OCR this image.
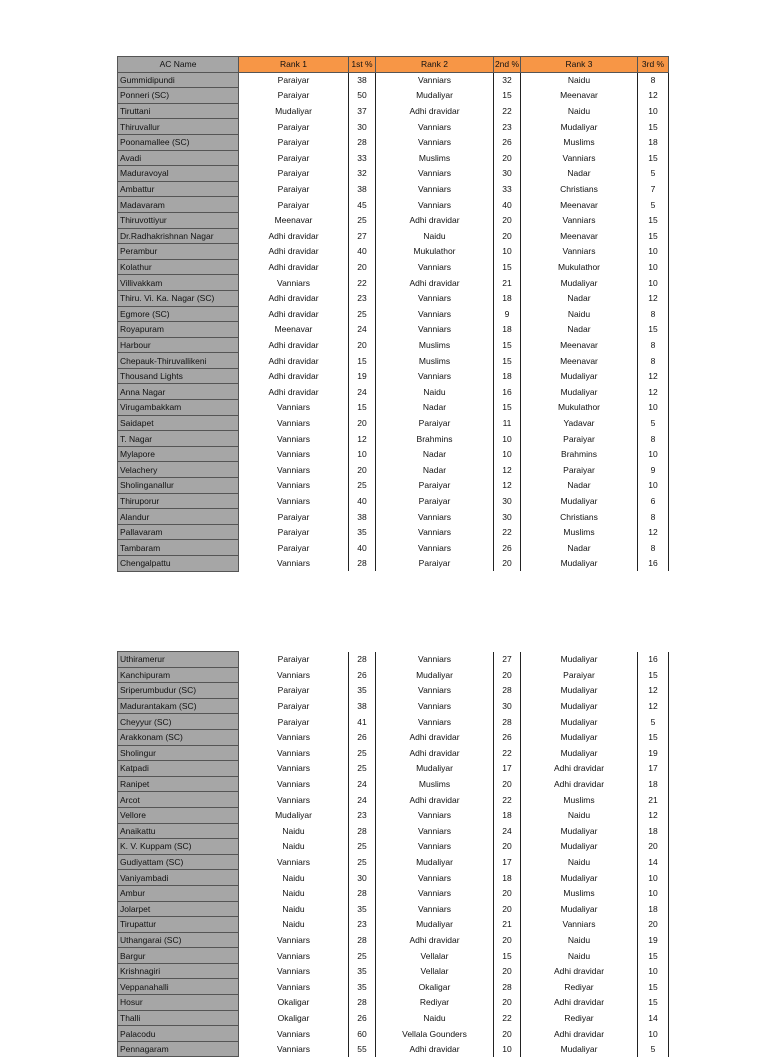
AC Name	Rank 1	1st %	Rank 2	2nd %	Rank 3	3rd %
Gummidipundi	Paraiyar	38	Vanniars	32	Naidu	8
Ponneri (SC)	Paraiyar	50	Mudaliyar	15	Meenavar	12
Tiruttani	Mudaliyar	37	Adhi dravidar	22	Naidu	10
Thiruvallur	Paraiyar	30	Vanniars	23	Mudaliyar	15
Poonamallee (SC)	Paraiyar	28	Vanniars	26	Muslims	18
Avadi	Paraiyar	33	Muslims	20	Vanniars	15
Maduravoyal	Paraiyar	32	Vanniars	30	Nadar	5
Ambattur	Paraiyar	38	Vanniars	33	Christians	7
Madavaram	Paraiyar	45	Vanniars	40	Meenavar	5
Thiruvottiyur	Meenavar	25	Adhi dravidar	20	Vanniars	15
Dr.Radhakrishnan Nagar	Adhi dravidar	27	Naidu	20	Meenavar	15
Perambur	Adhi dravidar	40	Mukulathor	10	Vanniars	10
Kolathur	Adhi dravidar	20	Vanniars	15	Mukulathor	10
Villivakkam	Vanniars	22	Adhi dravidar	21	Mudaliyar	10
Thiru. Vi. Ka. Nagar (SC)	Adhi dravidar	23	Vanniars	18	Nadar	12
Egmore (SC)	Adhi dravidar	25	Vanniars	9	Naidu	8
Royapuram	Meenavar	24	Vanniars	18	Nadar	15
Harbour	Adhi dravidar	20	Muslims	15	Meenavar	8
Chepauk-Thiruvallikeni	Adhi dravidar	15	Muslims	15	Meenavar	8
Thousand Lights	Adhi dravidar	19	Vanniars	18	Mudaliyar	12
Anna Nagar	Adhi dravidar	24	Naidu	16	Mudaliyar	12
Virugambakkam	Vanniars	15	Nadar	15	Mukulathor	10
Saidapet	Vanniars	20	Paraiyar	11	Yadavar	5
T. Nagar	Vanniars	12	Brahmins	10	Paraiyar	8
Mylapore	Vanniars	10	Nadar	10	Brahmins	10
Velachery	Vanniars	20	Nadar	12	Paraiyar	9
Sholinganallur	Vanniars	25	Paraiyar	12	Nadar	10
Thiruporur	Vanniars	40	Paraiyar	30	Mudaliyar	6
Alandur	Paraiyar	38	Vanniars	30	Christians	8
Pallavaram	Paraiyar	35	Vanniars	22	Muslims	12
Tambaram	Paraiyar	40	Vanniars	26	Nadar	8
Chengalpattu	Vanniars	28	Paraiyar	20	Mudaliyar	16
Uthiramerur	Paraiyar	28	Vanniars	27	Mudaliyar	16
Kanchipuram	Vanniars	26	Mudaliyar	20	Paraiyar	15
Sriperumbudur (SC)	Paraiyar	35	Vanniars	28	Mudaliyar	12
Madurantakam (SC)	Paraiyar	38	Vanniars	30	Mudaliyar	12
Cheyyur (SC)	Paraiyar	41	Vanniars	28	Mudaliyar	5
Arakkonam (SC)	Vanniars	26	Adhi dravidar	26	Mudaliyar	15
Sholingur	Vanniars	25	Adhi dravidar	22	Mudaliyar	19
Katpadi	Vanniars	25	Mudaliyar	17	Adhi dravidar	17
Ranipet	Vanniars	24	Muslims	20	Adhi dravidar	18
Arcot	Vanniars	24	Adhi dravidar	22	Muslims	21
Vellore	Mudaliyar	23	Vanniars	18	Naidu	12
Anaikattu	Naidu	28	Vanniars	24	Mudaliyar	18
K. V. Kuppam (SC)	Naidu	25	Vanniars	20	Mudaliyar	20
Gudiyattam (SC)	Vanniars	25	Mudaliyar	17	Naidu	14
Vaniyambadi	Naidu	30	Vanniars	18	Mudaliyar	10
Ambur	Naidu	28	Vanniars	20	Muslims	10
Jolarpet	Naidu	35	Vanniars	20	Mudaliyar	18
Tirupattur	Naidu	23	Mudaliyar	21	Vanniars	20
Uthangarai (SC)	Vanniars	28	Adhi dravidar	20	Naidu	19
Bargur	Vanniars	25	Vellalar	15	Naidu	15
Krishnagiri	Vanniars	35	Vellalar	20	Adhi dravidar	10
Veppanahalli	Vanniars	35	Okaligar	28	Rediyar	15
Hosur	Okaligar	28	Rediyar	20	Adhi dravidar	15
Thalli	Okaligar	26	Naidu	22	Rediyar	14
Palacodu	Vanniars	60	Vellala Gounders	20	Adhi dravidar	10
Pennagaram	Vanniars	55	Adhi dravidar	10	Mudaliyar	5
